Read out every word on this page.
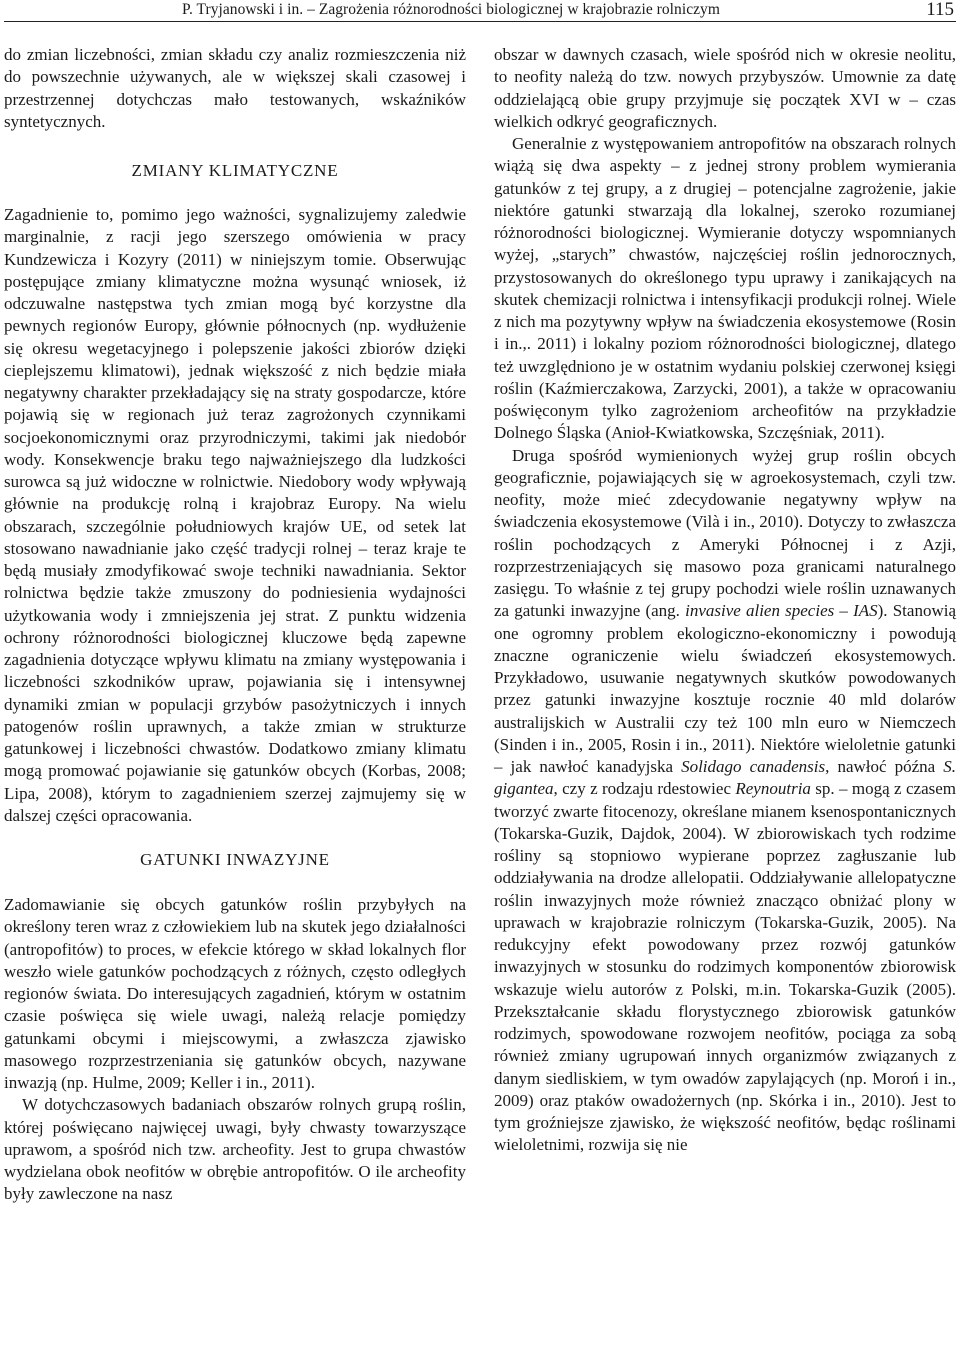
P. Tryjanowski i in. – Zagrożenia różnorodności biologicznej w krajobrazie rolniczym	115

do zmian liczebności, zmian składu czy analiz rozmieszczenia niż do powszechnie używanych, ale w większej skali czasowej i przestrzennej dotychczas mało testowanych, wskaźników syntetycznych.

ZMIANY KLIMATYCZNE

Zagadnienie to, pomimo jego ważności, sygnalizujemy zaledwie marginalnie, z racji jego szerszego omówienia w pracy Kundzewicza i Kozyry (2011) w niniejszym tomie. Obserwując postępujące zmiany klimatyczne można wysunąć wniosek, iż odczuwalne następstwa tych zmian mogą być korzystne dla pewnych regionów Europy, głównie północnych (np. wydłużenie się okresu wegetacyjnego i polepszenie jakości zbiorów dzięki cieplejszemu klimatowi), jednak większość z nich będzie miała negatywny charakter przekładający się na straty gospodarcze, które pojawią się w regionach już teraz zagrożonych czynnikami socjoekonomicznymi oraz przyrodniczymi, takimi jak niedobór wody. Konsekwencje braku tego najważniejszego dla ludzkości surowca są już widoczne w rolnictwie. Niedobory wody wpływają głównie na produkcję rolną i krajobraz Europy. Na wielu obszarach, szczególnie południowych krajów UE, od setek lat stosowano nawadnianie jako część tradycji rolnej – teraz kraje te będą musiały zmodyfikować swoje techniki nawadniania. Sektor rolnictwa będzie także zmuszony do podniesienia wydajności użytkowania wody i zmniejszenia jej strat. Z punktu widzenia ochrony różnorodności biologicznej kluczowe będą zapewne zagadnienia dotyczące wpływu klimatu na zmiany występowania i liczebności szkodników upraw, pojawiania się i intensywnej dynamiki zmian w populacji grzybów pasożytniczych i innych patogenów roślin uprawnych, a także zmian w strukturze gatunkowej i liczebności chwastów. Dodatkowo zmiany klimatu mogą promować pojawianie się gatunków obcych (Korbas, 2008; Lipa, 2008), którym to zagadnieniem szerzej zajmujemy się w dalszej części opracowania.

GATUNKI INWAZYJNE

Zadomawianie się obcych gatunków roślin przybyłych na określony teren wraz z człowiekiem lub na skutek jego działalności (antropofitów) to proces, w efekcie którego w skład lokalnych flor weszło wiele gatunków pochodzących z różnych, często odległych regionów świata. Do interesujących zagadnień, którym w ostatnim czasie poświęca się wiele uwagi, należą relacje pomiędzy gatunkami obcymi i miejscowymi, a zwłaszcza zjawisko masowego rozprzestrzeniania się gatunków obcych, nazywane inwazją (np. Hulme, 2009; Keller i in., 2011).

W dotychczasowych badaniach obszarów rolnych grupą roślin, której poświęcano najwięcej uwagi, były chwasty towarzyszące uprawom, a spośród nich tzw. archeofity. Jest to grupa chwastów wydzielana obok neofitów w obrębie antropofitów. O ile archeofity były zawleczone na nasz

obszar w dawnych czasach, wiele spośród nich w okresie neolitu, to neofity należą do tzw. nowych przybyszów. Umownie za datę oddzielającą obie grupy przyjmuje się początek XVI w – czas wielkich odkryć geograficznych.

Generalnie z występowaniem antropofitów na obszarach rolnych wiążą się dwa aspekty – z jednej strony problem wymierania gatunków z tej grupy, a z drugiej – potencjalne zagrożenie, jakie niektóre gatunki stwarzają dla lokalnej, szeroko rozumianej różnorodności biologicznej. Wymieranie dotyczy wspomnianych wyżej, „starych” chwastów, najczęściej roślin jednorocznych, przystosowanych do określonego typu uprawy i zanikających na skutek chemizacji rolnictwa i intensyfikacji produkcji rolnej. Wiele z nich ma pozytywny wpływ na świadczenia ekosystemowe (Rosin i in.,. 2011) i lokalny poziom różnorodności biologicznej, dlatego też uwzględniono je w ostatnim wydaniu polskiej czerwonej księgi roślin (Kaźmierczakowa, Zarzycki, 2001), a także w opracowaniu poświęconym tylko zagrożeniom archeofitów na przykładzie Dolnego Śląska (Anioł-Kwiatkowska, Szczęśniak, 2011).

Druga spośród wymienionych wyżej grup roślin obcych geograficznie, pojawiających się w agroekosystemach, czyli tzw. neofity, może mieć zdecydowanie negatywny wpływ na świadczenia ekosystemowe (Vilà i in., 2010). Dotyczy to zwłaszcza roślin pochodzących z Ameryki Północnej i z Azji, rozprzestrzeniających się masowo poza granicami naturalnego zasięgu. To właśnie z tej grupy pochodzi wiele roślin uznawanych za gatunki inwazyjne (ang. invasive alien species – IAS). Stanowią one ogromny problem ekologiczno-ekonomiczny i powodują znaczne ograniczenie wielu świadczeń ekosystemowych. Przykładowo, usuwanie negatywnych skutków powodowanych przez gatunki inwazyjne kosztuje rocznie 40 mld dolarów australijskich w Australii czy też 100 mln euro w Niemczech (Sinden i in., 2005, Rosin i in., 2011). Niektóre wieloletnie gatunki – jak nawłoć kanadyjska Solidago canadensis, nawłoć późna S. gigantea, czy z rodzaju rdestowiec Reynoutria sp. – mogą z czasem tworzyć zwarte fitocenozy, określane mianem ksenospontanicznych (Tokarska-Guzik, Dajdok, 2004). W zbiorowiskach tych rodzime rośliny są stopniowo wypierane poprzez zagłuszanie lub oddziaływania na drodze allelopatii. Oddziaływanie allelopatyczne roślin inwazyjnych może również znacząco obniżać plony w uprawach w krajobrazie rolniczym (Tokarska-Guzik, 2005). Na redukcyjny efekt powodowany przez rozwój gatunków inwazyjnych w stosunku do rodzimych komponentów zbiorowisk wskazuje wielu autorów z Polski, m.in. Tokarska-Guzik (2005). Przekształcanie składu florystycznego zbiorowisk gatunków rodzimych, spowodowane rozwojem neofitów, pociąga za sobą również zmiany ugrupowań innych organizmów związanych z danym siedliskiem, w tym owadów zapylających (np. Moroń i in., 2009) oraz ptaków owadożernych (np. Skórka i in., 2010). Jest to tym groźniejsze zjawisko, że większość neofitów, będąc roślinami wieloletnimi, rozwija się nie
